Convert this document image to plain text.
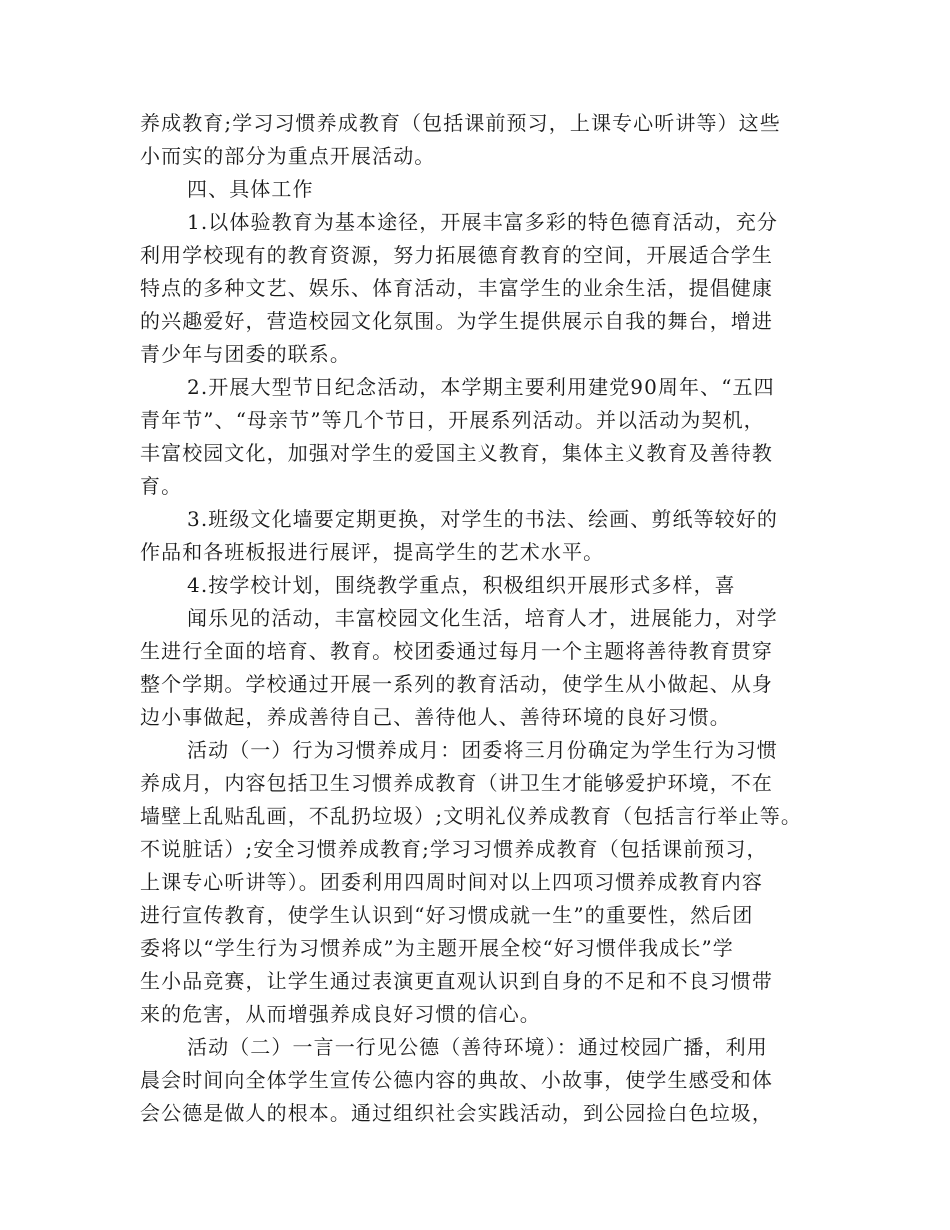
养成教育;学习习惯养成教育（包括课前预习，上课专心听讲等）这些

小而实的部分为重点开展活动。

四、具体工作

1.以体验教育为基本途径，开展丰富多彩的特色德育活动，充分

利用学校现有的教育资源，努力拓展德育教育的空间，开展适合学生

特点的多种文艺、娱乐、体育活动，丰富学生的业余生活，提倡健康

的兴趣爱好，营造校园文化氛围。为学生提供展示自我的舞台，增进

青少年与团委的联系。

2.开展大型节日纪念活动，本学期主要利用建党90周年、“五四

青年节”、“母亲节”等几个节日，开展系列活动。并以活动为契机，

丰富校园文化，加强对学生的爱国主义教育，集体主义教育及善待教

育。

3.班级文化墙要定期更换，对学生的书法、绘画、剪纸等较好的

作品和各班板报进行展评，提高学生的艺术水平。

4.按学校计划，围绕教学重点，积极组织开展形式多样，喜

闻乐见的活动，丰富校园文化生活，培育人才，进展能力，对学

生进行全面的培育、教育。校团委通过每月一个主题将善待教育贯穿

整个学期。学校通过开展一系列的教育活动，使学生从小做起、从身

边小事做起，养成善待自己、善待他人、善待环境的良好习惯。

活动（一）行为习惯养成月：团委将三月份确定为学生行为习惯

养成月，内容包括卫生习惯养成教育（讲卫生才能够爱护环境，不在

墙壁上乱贴乱画，不乱扔垃圾）;文明礼仪养成教育（包括言行举止等。

不说脏话）;安全习惯养成教育;学习习惯养成教育（包括课前预习，

上课专心听讲等）。团委利用四周时间对以上四项习惯养成教育内容

进行宣传教育，使学生认识到“好习惯成就一生”的重要性，然后团

委将以“学生行为习惯养成”为主题开展全校“好习惯伴我成长”学

生小品竞赛，让学生通过表演更直观认识到自身的不足和不良习惯带

来的危害，从而增强养成良好习惯的信心。

活动（二）一言一行见公德（善待环境）：通过校园广播，利用

晨会时间向全体学生宣传公德内容的典故、小故事，使学生感受和体

会公德是做人的根本。通过组织社会实践活动，到公园捡白色垃圾，
